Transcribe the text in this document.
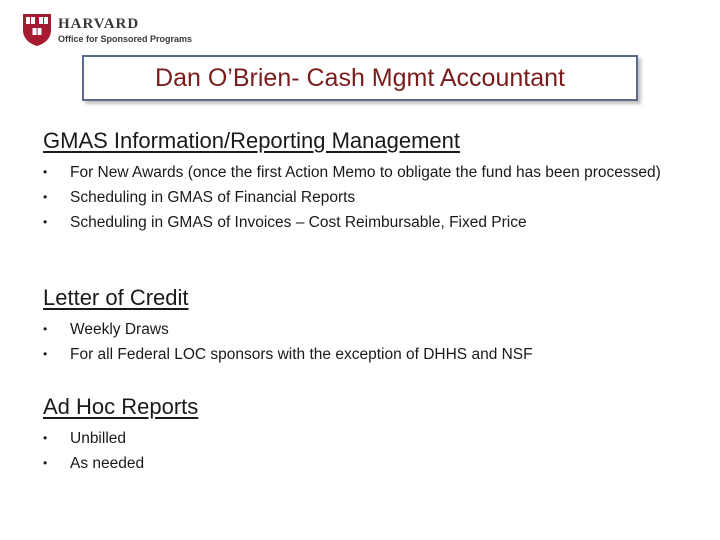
HARVARD
Office for Sponsored Programs
Dan O’Brien- Cash Mgmt Accountant
GMAS Information/Reporting Management
• For New Awards (once the first Action Memo to obligate the fund has been processed)
• Scheduling in GMAS of Financial Reports
• Scheduling in GMAS of Invoices – Cost Reimbursable, Fixed Price
Letter of Credit
• Weekly Draws
• For all Federal LOC sponsors with the exception of DHHS and NSF
Ad Hoc Reports
• Unbilled
• As needed
